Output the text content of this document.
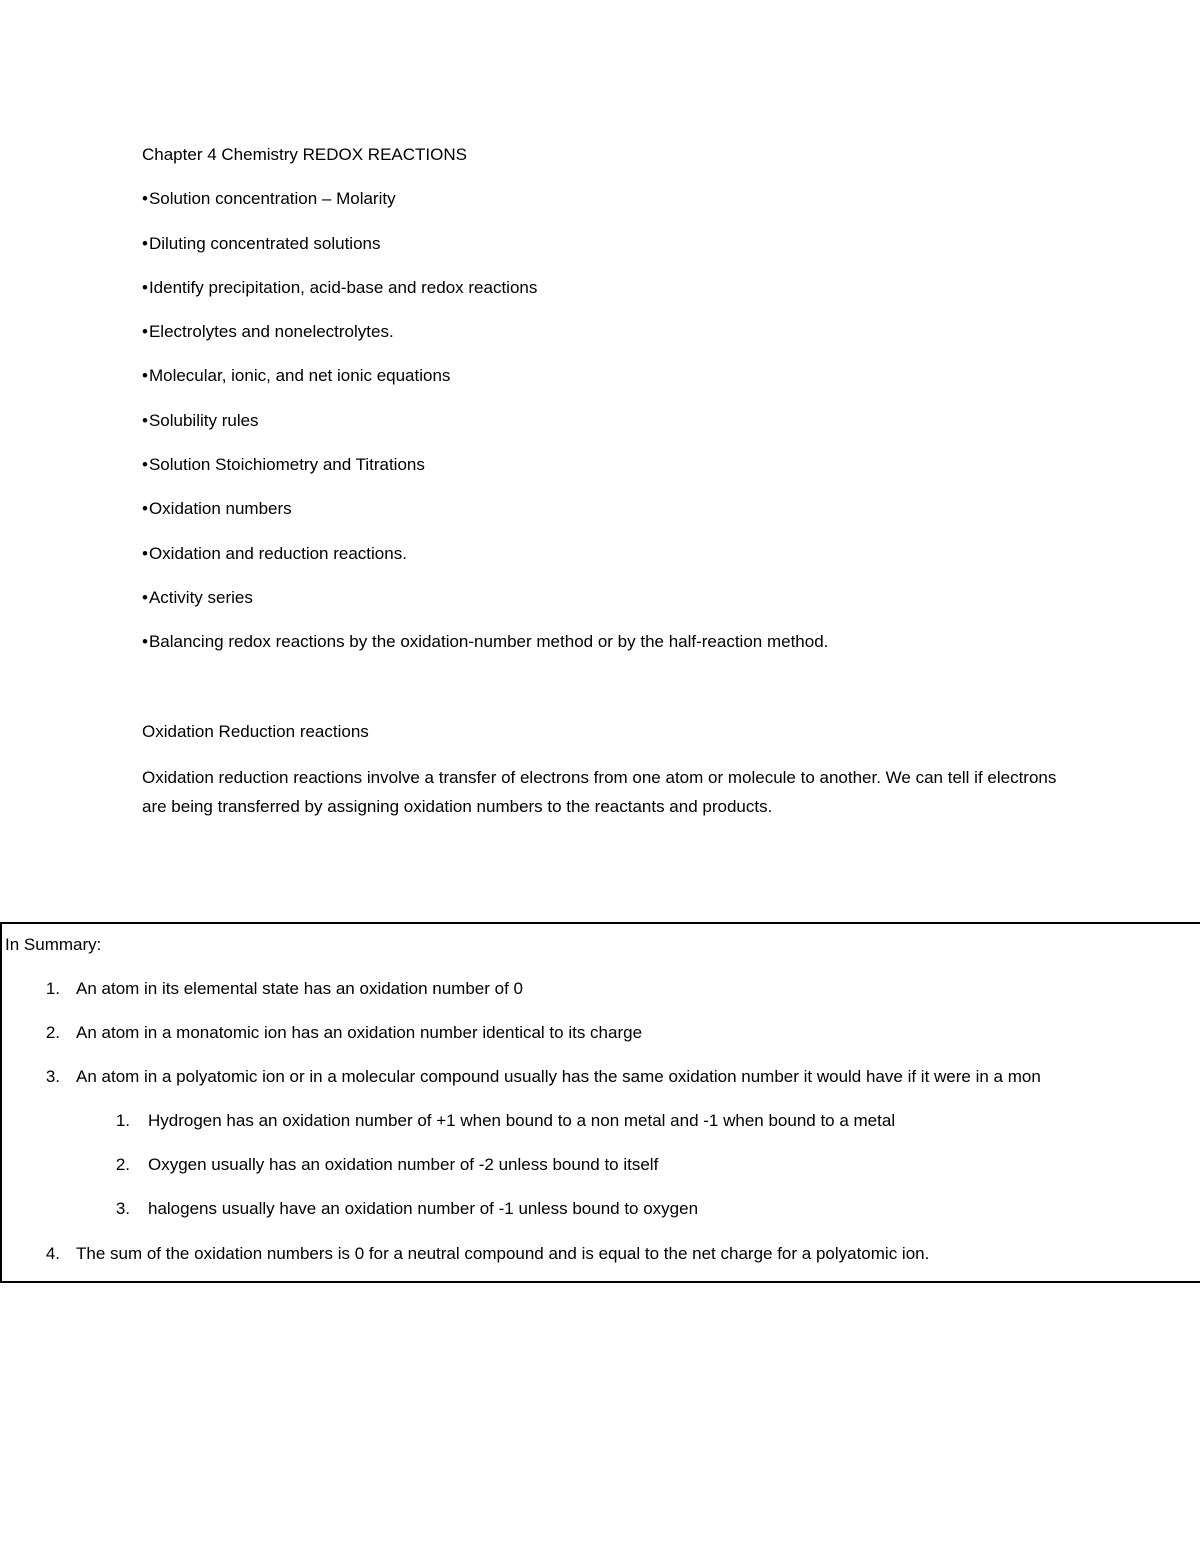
Chapter 4 Chemistry REDOX REACTIONS
• Solution concentration – Molarity
• Diluting concentrated solutions
• Identify precipitation, acid-base and redox reactions
• Electrolytes and nonelectrolytes.
• Molecular, ionic, and net ionic equations
• Solubility rules
• Solution Stoichiometry and Titrations
• Oxidation numbers
• Oxidation and reduction reactions.
• Activity series
• Balancing redox reactions by the oxidation-number method or by the half-reaction method.
Oxidation Reduction reactions
Oxidation reduction reactions involve a transfer of electrons from one atom or molecule to another. We can tell if electrons are being transferred by assigning oxidation numbers to the reactants and products.
In Summary:
1. An atom in its elemental state has an oxidation number of 0
2. An atom in a monatomic ion has an oxidation number identical to its charge
3. An atom in a polyatomic ion or in a molecular compound usually has the same oxidation number it would have if it were in a mon
1. Hydrogen has an oxidation number of +1 when bound to a non metal and -1 when bound to a metal
2. Oxygen usually has an oxidation number of -2 unless bound to itself
3. halogens usually have an oxidation number of -1 unless bound to oxygen
4. The sum of the oxidation numbers is 0 for a neutral compound and is equal to the net charge for a polyatomic ion.
